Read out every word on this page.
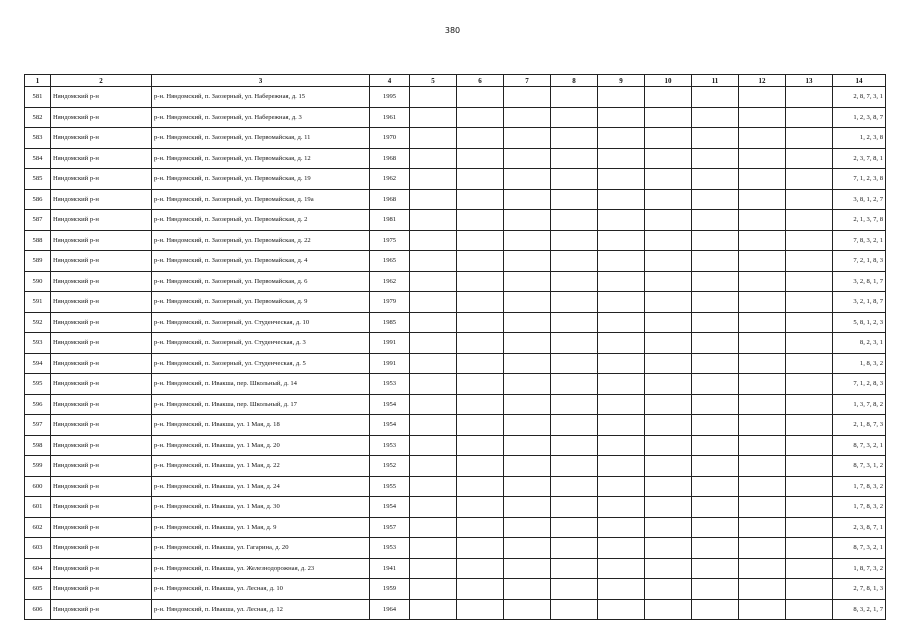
380
1	2	3	4	5	6	7	8	9	10	11	12	13	14
581	Няндомский р-н	р-н. Няндомский, п. Заозерный, ул. Набережная, д. 15	1995										2, 8, 7, 3, 1
582	Няндомский р-н	р-н. Няндомский, п. Заозерный, ул. Набережная, д. 3	1961										1, 2, 3, 8, 7
583	Няндомский р-н	р-н. Няндомский, п. Заозерный, ул. Первомайская, д. 11	1970										1, 2, 3, 8
584	Няндомский р-н	р-н. Няндомский, п. Заозерный, ул. Первомайская, д. 12	1968										2, 3, 7, 8, 1
585	Няндомский р-н	р-н. Няндомский, п. Заозерный, ул. Первомайская, д. 19	1962										7, 1, 2, 3, 8
586	Няндомский р-н	р-н. Няндомский, п. Заозерный, ул. Первомайская, д. 19а	1968										3, 8, 1, 2, 7
587	Няндомский р-н	р-н. Няндомский, п. Заозерный, ул. Первомайская, д. 2	1981										2, 1, 3, 7, 8
588	Няндомский р-н	р-н. Няндомский, п. Заозерный, ул. Первомайская, д. 22	1975										7, 8, 3, 2, 1
589	Няндомский р-н	р-н. Няндомский, п. Заозерный, ул. Первомайская, д. 4	1965										7, 2, 1, 8, 3
590	Няндомский р-н	р-н. Няндомский, п. Заозерный, ул. Первомайская, д. 6	1962										3, 2, 8, 1, 7
591	Няндомский р-н	р-н. Няндомский, п. Заозерный, ул. Первомайская, д. 9	1979										3, 2, 1, 8, 7
592	Няндомский р-н	р-н. Няндомский, п. Заозерный, ул. Студенческая, д. 10	1985										5, 8, 1, 2, 3
593	Няндомский р-н	р-н. Няндомский, п. Заозерный, ул. Студенческая, д. 3	1991										8, 2, 3, 1
594	Няндомский р-н	р-н. Няндомский, п. Заозерный, ул. Студенческая, д. 5	1991										1, 8, 3, 2
595	Няндомский р-н	р-н. Няндомский, п. Ивакша, пер. Школьный, д. 14	1953										7, 1, 2, 8, 3
596	Няндомский р-н	р-н. Няндомский, п. Ивакша, пер. Школьный, д. 17	1954										1, 3, 7, 8, 2
597	Няндомский р-н	р-н. Няндомский, п. Ивакша, ул. 1 Мая, д. 18	1954										2, 1, 8, 7, 3
598	Няндомский р-н	р-н. Няндомский, п. Ивакша, ул. 1 Мая, д. 20	1953										8, 7, 3, 2, 1
599	Няндомский р-н	р-н. Няндомский, п. Ивакша, ул. 1 Мая, д. 22	1952										8, 7, 3, 1, 2
600	Няндомский р-н	р-н. Няндомский, п. Ивакша, ул. 1 Мая, д. 24	1955										1, 7, 8, 3, 2
601	Няндомский р-н	р-н. Няндомский, п. Ивакша, ул. 1 Мая, д. 30	1954										1, 7, 8, 3, 2
602	Няндомский р-н	р-н. Няндомский, п. Ивакша, ул. 1 Мая, д. 9	1957										2, 3, 8, 7, 1
603	Няндомский р-н	р-н. Няндомский, п. Ивакша, ул. Гагарина, д. 20	1953										8, 7, 3, 2, 1
604	Няндомский р-н	р-н. Няндомский, п. Ивакша, ул. Железнодорожная, д. 23	1941										1, 8, 7, 3, 2
605	Няндомский р-н	р-н. Няндомский, п. Ивакша, ул. Лесная, д. 10	1959										2, 7, 8, 1, 3
606	Няндомский р-н	р-н. Няндомский, п. Ивакша, ул. Лесная, д. 12	1964										8, 3, 2, 1, 7
